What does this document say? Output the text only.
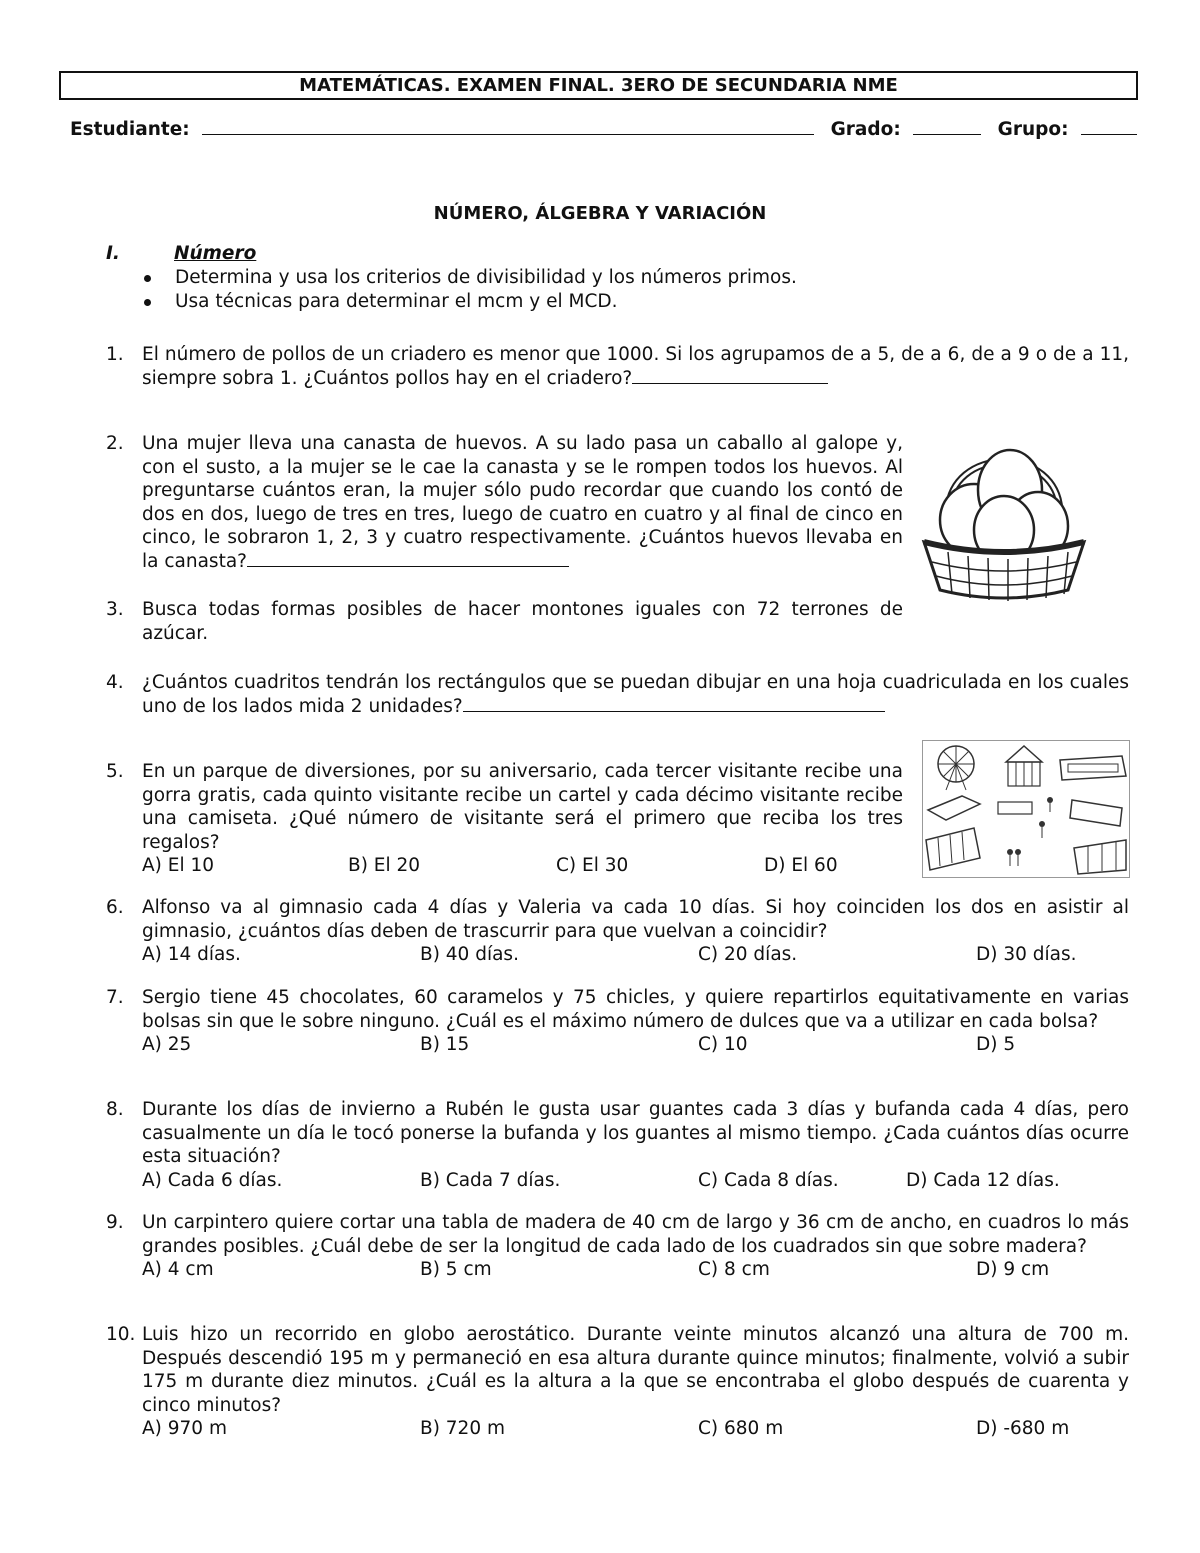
MATEMÁTICAS. EXAMEN FINAL. 3ERO DE SECUNDARIA NME
Estudiante:	Grado:	Grupo:
NÚMERO, ÁLGEBRA Y VARIACIÓN
I.	Número
Determina y usa los criterios de divisibilidad y los números primos.
Usa técnicas para determinar el mcm y el MCD.
1. El número de pollos de un criadero es menor que 1000. Si los agrupamos de a 5, de a 6, de a 9 o de a 11, siempre sobra 1. ¿Cuántos pollos hay en el criadero?
2. Una mujer lleva una canasta de huevos. A su lado pasa un caballo al galope y, con el susto, a la mujer se le cae la canasta y se le rompen todos los huevos. Al preguntarse cuántos eran, la mujer sólo pudo recordar que cuando los contó de dos en dos, luego de tres en tres, luego de cuatro en cuatro y al final de cinco en cinco, le sobraron 1, 2, 3 y cuatro respectivamente. ¿Cuántos huevos llevaba en la canasta?
3. Busca todas formas posibles de hacer montones iguales con 72 terrones de azúcar.
4. ¿Cuántos cuadritos tendrán los rectángulos que se puedan dibujar en una hoja cuadriculada en los cuales uno de los lados mida 2 unidades?
5. En un parque de diversiones, por su aniversario, cada tercer visitante recibe una gorra gratis, cada quinto visitante recibe un cartel y cada décimo visitante recibe una camiseta. ¿Qué número de visitante será el primero que reciba los tres regalos?
A) El 10	B) El 20	C) El 30	D) El 60
6. Alfonso va al gimnasio cada 4 días y Valeria va cada 10 días. Si hoy coinciden los dos en asistir al gimnasio, ¿cuántos días deben de trascurrir para que vuelvan a coincidir?
A) 14 días.	B) 40 días.	C) 20 días.	D) 30 días.
7. Sergio tiene 45 chocolates, 60 caramelos y 75 chicles, y quiere repartirlos equitativamente en varias bolsas sin que le sobre ninguno. ¿Cuál es el máximo número de dulces que va a utilizar en cada bolsa?
A) 25	B) 15	C) 10	D) 5
8. Durante los días de invierno a Rubén le gusta usar guantes cada 3 días y bufanda cada 4 días, pero casualmente un día le tocó ponerse la bufanda y los guantes al mismo tiempo. ¿Cada cuántos días ocurre esta situación?
A) Cada 6 días.	B) Cada 7 días.	C) Cada 8 días.	D) Cada 12 días.
9. Un carpintero quiere cortar una tabla de madera de 40 cm de largo y 36 cm de ancho, en cuadros lo más grandes posibles. ¿Cuál debe de ser la longitud de cada lado de los cuadrados sin que sobre madera?
A) 4 cm	B) 5 cm	C) 8 cm	D) 9 cm
10. Luis hizo un recorrido en globo aerostático. Durante veinte minutos alcanzó una altura de 700 m. Después descendió 195 m y permaneció en esa altura durante quince minutos; finalmente, volvió a subir 175 m durante diez minutos. ¿Cuál es la altura a la que se encontraba el globo después de cuarenta y cinco minutos?
A) 970 m	B) 720 m	C) 680 m	D) -680 m
